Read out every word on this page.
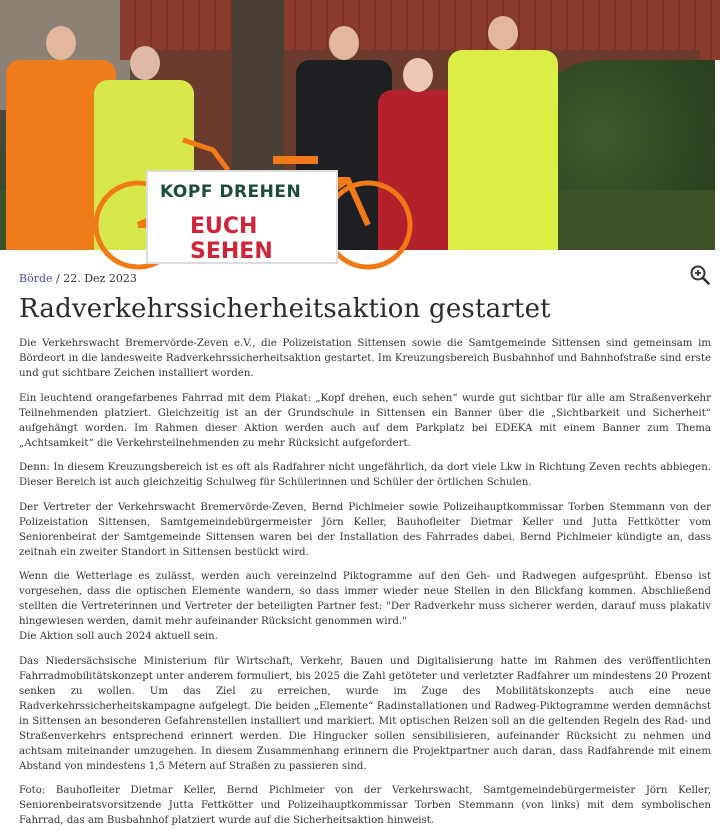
KOPF DREHEN
EUCH SEHEN
Börde / 22. Dez 2023
Radverkehrssicherheitsaktion gestartet

Die Verkehrswacht Bremervörde-Zeven e.V., die Polizeistation Sittensen sowie die Samtgemeinde Sittensen sind gemeinsam im Bördeort in die landesweite Radverkehrssicherheitsaktion gestartet. Im Kreuzungsbereich Busbahnhof und Bahnhofstraße sind erste und gut sichtbare Zeichen installiert worden.

Ein leuchtend orangefarbenes Fahrrad mit dem Plakat: „Kopf drehen, euch sehen“ wurde gut sichtbar für alle am Straßenverkehr Teilnehmenden platziert. Gleichzeitig ist an der Grundschule in Sittensen ein Banner über die „Sichtbarkeit und Sicherheit“ aufgehängt worden. Im Rahmen dieser Aktion werden auch auf dem Parkplatz bei EDEKA mit einem Banner zum Thema „Achtsamkeit“ die Verkehrsteilnehmenden zu mehr Rücksicht aufgefordert.

Denn: In diesem Kreuzungsbereich ist es oft als Radfahrer nicht ungefährlich, da dort viele Lkw in Richtung Zeven rechts abbiegen. Dieser Bereich ist auch gleichzeitig Schulweg für Schülerinnen und Schüler der örtlichen Schulen.

Der Vertreter der Verkehrswacht Bremervörde-Zeven, Bernd Pichlmeier sowie Polizeihauptkommissar Torben Stemmann von der Polizeistation Sittensen, Samtgemeindebürgermeister Jörn Keller, Bauhofleiter Dietmar Keller und Jutta Fettkötter vom Seniorenbeirat der Samtgemeinde Sittensen waren bei der Installation des Fahrrades dabei. Bernd Pichlmeier kündigte an, dass zeitnah ein zweiter Standort in Sittensen bestückt wird.

Wenn die Wetterlage es zulässt, werden auch vereinzelnd Piktogramme auf den Geh- und Radwegen aufgesprüht. Ebenso ist vorgesehen, dass die optischen Elemente wandern, so dass immer wieder neue Stellen in den Blickfang kommen. Abschließend stellten die Vertreterinnen und Vertreter der beteiligten Partner fest: "Der Radverkehr muss sicherer werden, darauf muss plakativ hingewiesen werden, damit mehr aufeinander Rücksicht genommen wird."
Die Aktion soll auch 2024 aktuell sein.

Das Niedersächsische Ministerium für Wirtschaft, Verkehr, Bauen und Digitalisierung hatte im Rahmen des veröffentlichten Fahrradmobilitätskonzept unter anderem formuliert, bis 2025 die Zahl getöteter und verletzter Radfahrer um mindestens 20 Prozent senken zu wollen. Um das Ziel zu erreichen, wurde im Zuge des Mobilitätskonzepts auch eine neue Radverkehrssicherheitskampagne aufgelegt. Die beiden „Elemente“ Radinstallationen und Radweg-Piktogramme werden demnächst in Sittensen an besonderen Gefahrenstellen installiert und markiert. Mit optischen Reizen soll an die geltenden Regeln des Rad- und Straßenverkehrs entsprechend erinnert werden. Die Hingucker sollen sensibilisieren, aufeinander Rücksicht zu nehmen und achtsam miteinander umzugehen. In diesem Zusammenhang erinnern die Projektpartner auch daran, dass Radfahrende mit einem Abstand von mindestens 1,5 Metern auf Straßen zu passieren sind.

Foto: Bauhofleiter Dietmar Keller, Bernd Pichlmeier von der Verkehrswacht, Samtgemeindebürgermeister Jörn Keller, Seniorenbeiratsvorsitzende Jutta Fettkötter und Polizeihauptkommissar Torben Stemmann (von links) mit dem symbolischen Fahrrad, das am Busbahnhof platziert wurde auf die Sicherheitsaktion hinweist.
